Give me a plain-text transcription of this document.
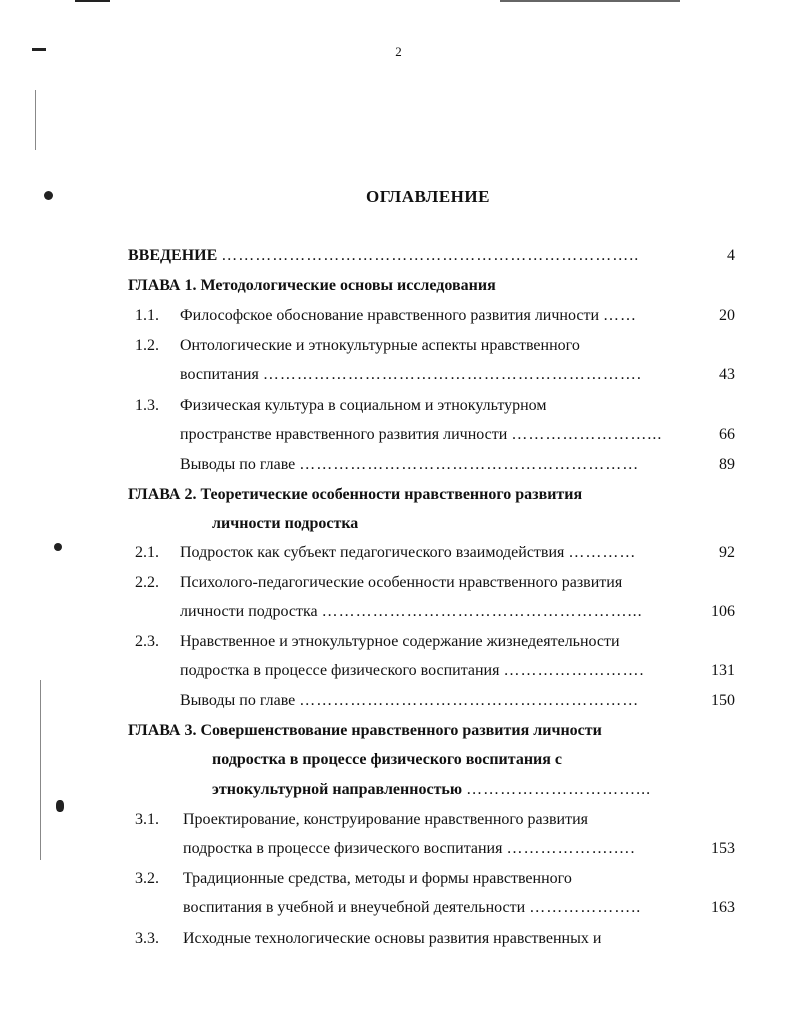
2
ОГЛАВЛЕНИЕ
ВВЕДЕНИЕ ………………………………………………………………..	4
ГЛАВА 1. Методологические основы исследования
1.1. Философское обоснование нравственного развития личности ……	20
1.2. Онтологические и этнокультурные аспекты нравственного
воспитания ………………………………………………………….	43
1.3. Физическая культура в социальном и этнокультурном
пространстве нравственного развития личности ……………………...	66
Выводы по главе ……………………………………………………	89
ГЛАВА 2. Теоретические особенности нравственного развития
личности подростка
2.1. Подросток как субъект педагогического взаимодействия …………	92
2.2. Психолого-педагогические особенности нравственного развития
личности подростка ………………………………………………...	106
2.3. Нравственное и этнокультурное содержание жизнедеятельности
подростка в процессе физического воспитания …………………….	131
Выводы по главе ……………………………………………………	150
ГЛАВА 3. Совершенствование нравственного развития личности
подростка в процессе физического воспитания с
этнокультурной направленностью …………………………...
3.1. Проектирование, конструирование нравственного развития
подростка в процессе физического воспитания ……………….….	153
3.2. Традиционные средства, методы и формы нравственного
воспитания в учебной и внеучебной деятельности ………………..	163
3.3. Исходные технологические основы развития нравственных и
